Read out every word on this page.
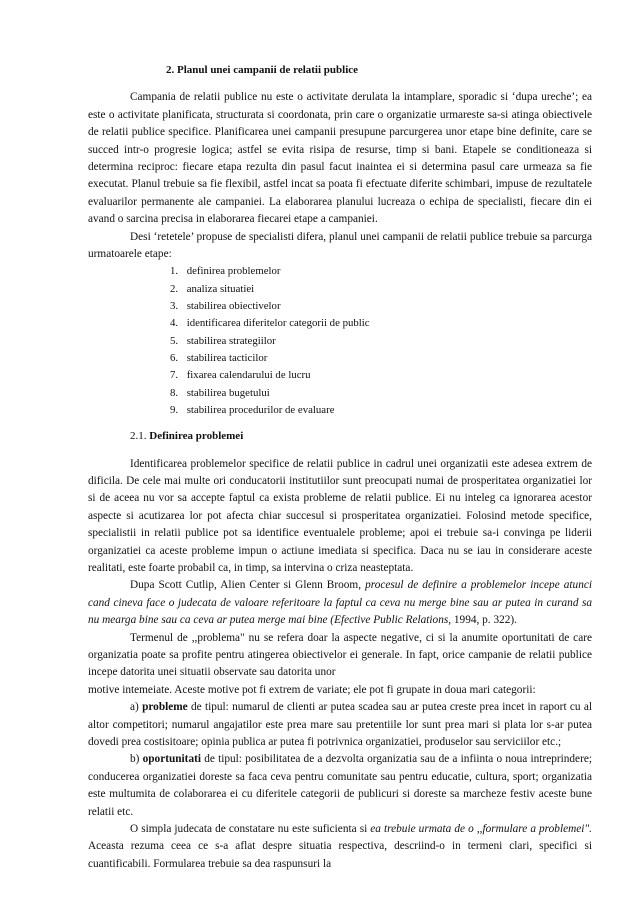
2. Planul unei campanii de relatii publice

Campania de relatii publice nu este o activitate derulata la intamplare, sporadic si ‘dupa ureche’; ea este o activitate planificata, structurata si coordonata, prin care o organizatie urmareste sa-si atinga obiectivele de relatii publice specifice. Planificarea unei campanii presupune parcurgerea unor etape bine definite, care se succed intr-o progresie logica; astfel se evita risipa de resurse, timp si bani. Etapele se conditioneaza si determina reciproc: fiecare etapa rezulta din pasul facut inaintea ei si determina pasul care urmeaza sa fie executat. Planul trebuie sa fie flexibil, astfel incat sa poata fi efectuate diferite schimbari, impuse de rezultatele evaluarilor permanente ale campaniei. La elaborarea planului lucreaza o echipa de specialisti, fiecare din ei avand o sarcina precisa in elaborarea fiecarei etape a campaniei.

Desi ‘retetele’ propuse de specialisti difera, planul unei campanii de relatii publice trebuie sa parcurga urmatoarele etape:

1. definirea problemelor
2. analiza situatiei
3. stabilirea obiectivelor
4. identificarea diferitelor categorii de public
5. stabilirea strategiilor
6. stabilirea tacticilor
7. fixarea calendarului de lucru
8. stabilirea bugetului
9. stabilirea procedurilor de evaluare
2.1. Definirea problemei

Identificarea problemelor specifice de relatii publice in cadrul unei organizatii este adesea extrem de dificila. De cele mai multe ori conducatorii institutiilor sunt preocupati numai de prosperitatea organizatiei lor si de aceea nu vor sa accepte faptul ca exista probleme de relatii publice. Ei nu inteleg ca ignorarea acestor aspecte si acutizarea lor pot afecta chiar succesul si prosperitatea organizatiei. Folosind metode specifice, specialistii in relatii publice pot sa identifice eventualele probleme; apoi ei trebuie sa-i convinga pe liderii organizatiei ca aceste probleme impun o actiune imediata si specifica. Daca nu se iau in considerare aceste realitati, este foarte probabil ca, in timp, sa intervina o criza neasteptata.

Dupa Scott Cutlip, Alien Center si Glenn Broom, procesul de definire a problemelor incepe atunci cand cineva face o judecata de valoare referitoare la faptul ca ceva nu merge bine sau ar putea in curand sa nu mearga bine sau ca ceva ar putea merge mai bine (Efective Public Relations, 1994, p. 322).

Termenul de ,,problema" nu se refera doar la aspecte negative, ci si la anumite oportunitati de care organizatia poate sa profite pentru atingerea obiectivelor ei generale. In fapt, orice campanie de relatii publice incepe datorita unei situatii observate sau datorita unor

motive intemeiate. Aceste motive pot fi extrem de variate; ele pot fi grupate in doua mari categorii:

a) probleme de tipul: numarul de clienti ar putea scadea sau ar putea creste prea incet in raport cu al altor competitori; numarul angajatilor este prea mare sau pretentiile lor sunt prea mari si plata lor s-ar putea dovedi prea costisitoare; opinia publica ar putea fi potrivnica organizatiei, produselor sau serviciilor etc.;

b) oportunitati de tipul: posibilitatea de a dezvolta organizatia sau de a infiinta o noua intreprindere; conducerea organizatiei doreste sa faca ceva pentru comunitate sau pentru educatie, cultura, sport; organizatia este multumita de colaborarea ei cu diferitele categorii de publicuri si doreste sa marcheze festiv aceste bune relatii etc.

O simpla judecata de constatare nu este suficienta si ea trebuie urmata de o ,,formulare a problemei". Aceasta rezuma ceea ce s-a aflat despre situatia respectiva, descriind-o in termeni clari, specifici si cuantificabili. Formularea trebuie sa dea raspunsuri la
